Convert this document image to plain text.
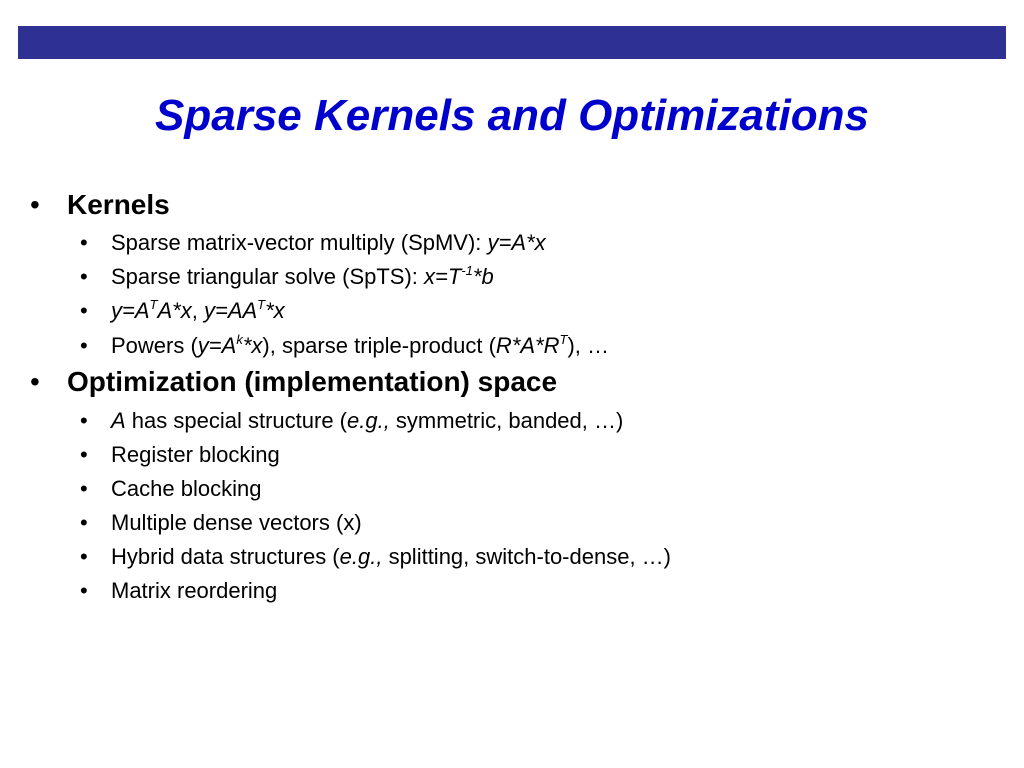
Sparse Kernels and Optimizations
• Kernels
• Sparse matrix-vector multiply (SpMV): y=A*x
• Sparse triangular solve (SpTS): $x=T^{-1}*b$
• $y=A^TA*x$, $y=AA^T*x$
• Powers $(y=A^k*x)$, sparse triple-product $(R*A*R^T)$, …
• Optimization (implementation) space
• A has special structure (e.g., symmetric, banded, …)
• Register blocking
• Cache blocking
• Multiple dense vectors (x)
• Hybrid data structures (e.g., splitting, switch-to-dense, …)
• Matrix reordering
